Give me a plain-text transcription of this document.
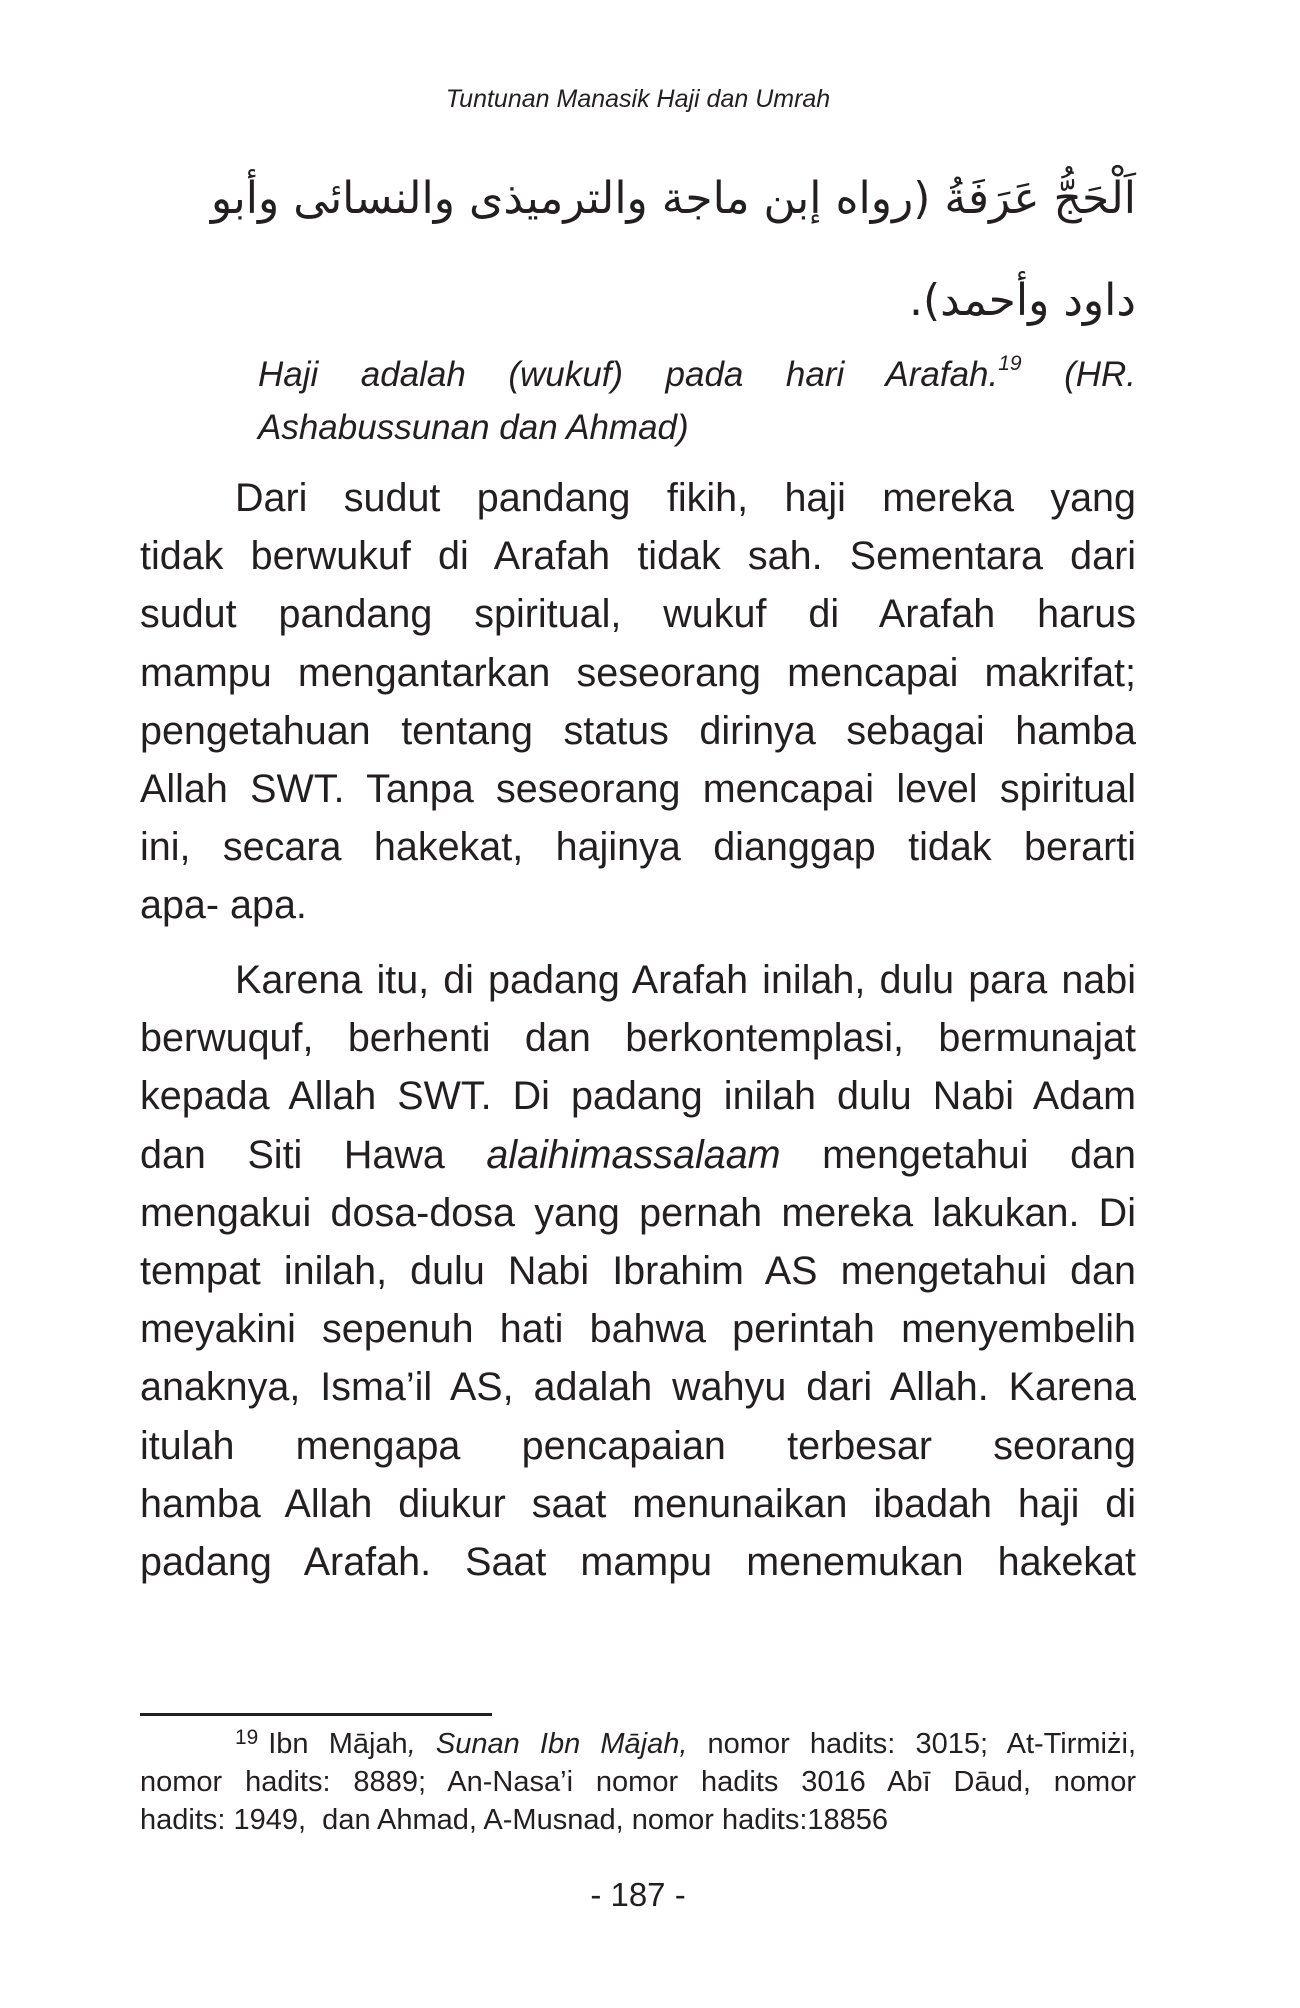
Tuntunan Manasik Haji dan Umrah
اَلْحَجُّ عَرَفَةُ (رواه إبن ماجة والترميذى والنسائى وأبو
داود وأحمد).
Haji adalah (wukuf) pada hari Arafah.$^{19}$ (HR.
Ashabussunan dan Ahmad)
Dari sudut pandang fikih, haji mereka yang
tidak berwukuf di Arafah tidak sah. Sementara dari
sudut pandang spiritual, wukuf di Arafah harus
mampu mengantarkan seseorang mencapai makrifat;
pengetahuan tentang status dirinya sebagai hamba
Allah SWT. Tanpa seseorang mencapai level spiritual
ini, secara hakekat, hajinya dianggap tidak berarti
apa- apa.
Karena itu, di padang Arafah inilah, dulu para nabi
berwuquf, berhenti dan berkontemplasi, bermunajat
kepada Allah SWT. Di padang inilah dulu Nabi Adam
dan Siti Hawa alaihimassalaam mengetahui dan
mengakui dosa-dosa yang pernah mereka lakukan. Di
tempat inilah, dulu Nabi Ibrahim AS mengetahui dan
meyakini sepenuh hati bahwa perintah menyembelih
anaknya, Isma’il AS, adalah wahyu dari Allah. Karena
itulah mengapa pencapaian terbesar seorang
hamba Allah diukur saat menunaikan ibadah haji di
padang Arafah. Saat mampu menemukan hakekat
$^{19}$ Ibn Mājah, Sunan Ibn Mājah, nomor hadits: 3015; At-Tirmiżi,
nomor hadits: 8889; An-Nasa’i nomor hadits 3016 Abī Dāud, nomor
hadits: 1949,  dan Ahmad, A-Musnad, nomor hadits:18856
- 187 -
